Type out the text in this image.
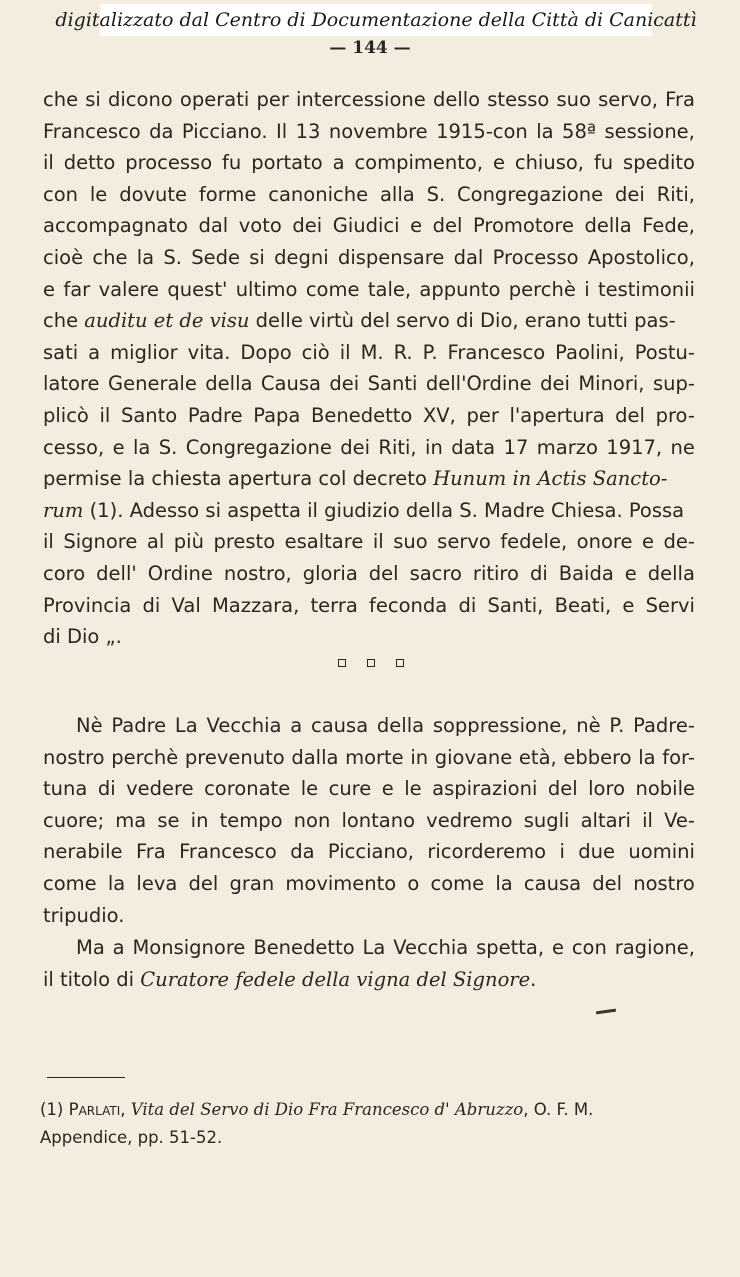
digitalizzato dal Centro di Documentazione della Città di Canicattì
— 144 —
che si dicono operati per intercessione dello stesso suo servo, Fra
Francesco da Picciano. Il 13 novembre 1915-con la 58ª sessione,
il detto processo fu portato a compimento, e chiuso, fu spedito
con le dovute forme canoniche alla S. Congregazione dei Riti,
accompagnato dal voto dei Giudici e del Promotore della Fede,
cioè che la S. Sede si degni dispensare dal Processo Apostolico,
e far valere quest' ultimo come tale, appunto perchè i testimonii
che auditu et de visu delle virtù del servo di Dio, erano tutti pas-
sati a miglior vita. Dopo ciò il M. R. P. Francesco Paolini, Postu-
latore Generale della Causa dei Santi dell'Ordine dei Minori, sup-
plicò il Santo Padre Papa Benedetto XV, per l'apertura del pro-
cesso, e la S. Congregazione dei Riti, in data 17 marzo 1917, ne
permise la chiesta apertura col decreto Hunum in Actis Sancto-
rum (1). Adesso si aspetta il giudizio della S. Madre Chiesa. Possa
il Signore al più presto esaltare il suo servo fedele, onore e de-
coro dell' Ordine nostro, gloria del sacro ritiro di Baida e della
Provincia di Val Mazzara, terra feconda di Santi, Beati, e Servi
di Dio „.
Nè Padre La Vecchia a causa della soppressione, nè P. Padre-
nostro perchè prevenuto dalla morte in giovane età, ebbero la for-
tuna di vedere coronate le cure e le aspirazioni del loro nobile
cuore; ma se in tempo non lontano vedremo sugli altari il Ve-
nerabile Fra Francesco da Picciano, ricorderemo i due uomini
come la leva del gran movimento o come la causa del nostro
tripudio.
Ma a Monsignore Benedetto La Vecchia spetta, e con ragione,
il titolo di Curatore fedele della vigna del Signore.
(1) Parlati, Vita del Servo di Dio Fra Francesco d' Abruzzo, O. F. M.
Appendice, pp. 51-52.
